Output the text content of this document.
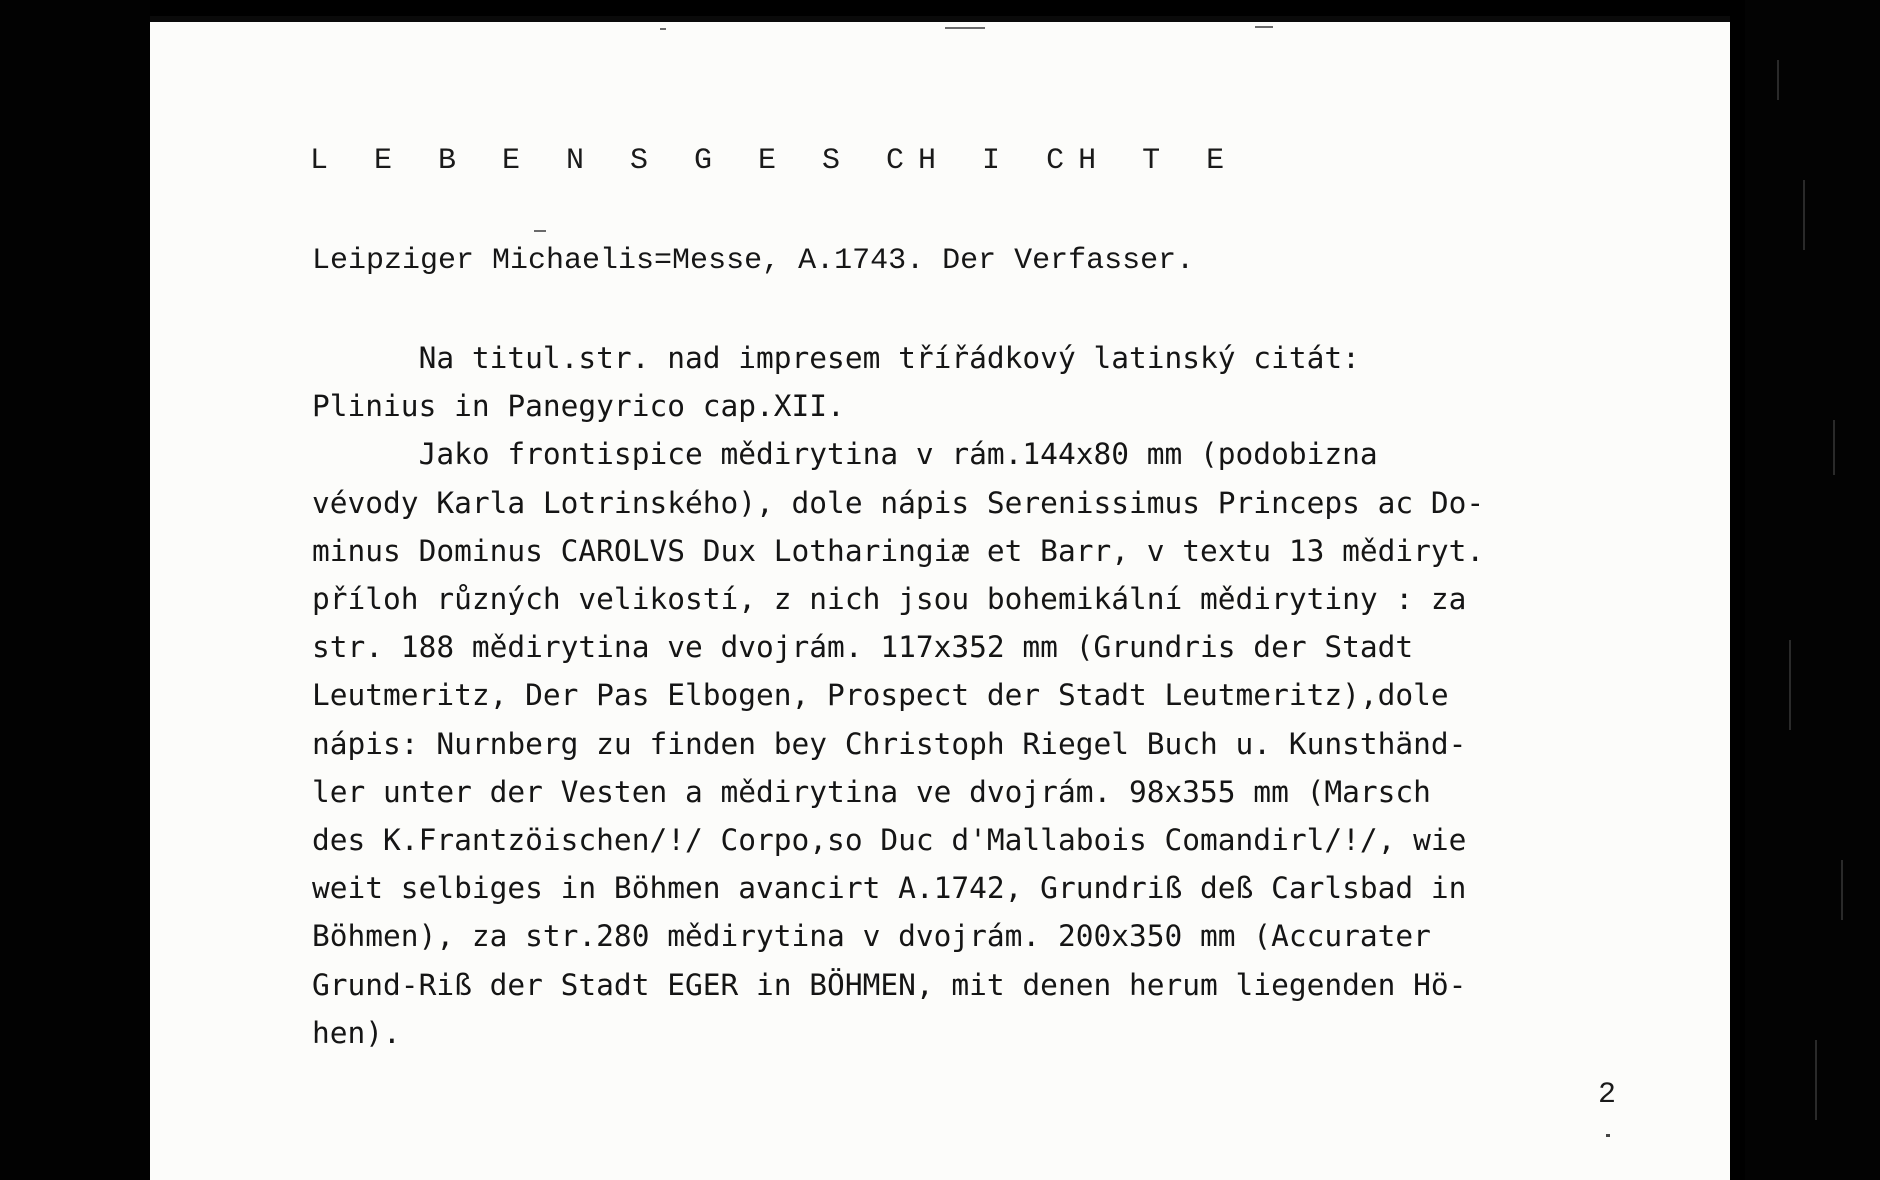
L E B E N S G E S CH I CH T E
Leipziger Michaelis=Messe, A.1743. Der Verfasser.
Na titul.str. nad impresem třířádkový latinský citát:
Plinius in Panegyrico cap.XII.
Jako frontispice mědirytina v rám.144x80 mm (podobizna
vévody Karla Lotrinského), dole nápis Serenissimus Princeps ac Do-
minus Dominus CAROLVS Dux Lotharingiæ et Barr, v textu 13 mědiryt.
příloh různých velikostí, z nich jsou bohemikální mědirytiny : za
str. 188 mědirytina ve dvojrám. 117x352 mm (Grundris der Stadt
Leutmeritz, Der Pas Elbogen, Prospect der Stadt Leutmeritz),dole
nápis: Nurnberg zu finden bey Christoph Riegel Buch u. Kunsthänd-
ler unter der Vesten a mědirytina ve dvojrám. 98x355 mm (Marsch
des K.Frantzöischen/!/ Corpo,so Duc d'Mallabois Comandirl/!/, wie
weit selbiges in Böhmen avancirt A.1742, Grundriß deß Carlsbad in
Böhmen), za str.280 mědirytina v dvojrám. 200x350 mm (Accurater
Grund-Riß der Stadt EGER in BÖHMEN, mit denen herum liegenden Hö-
hen).
2
